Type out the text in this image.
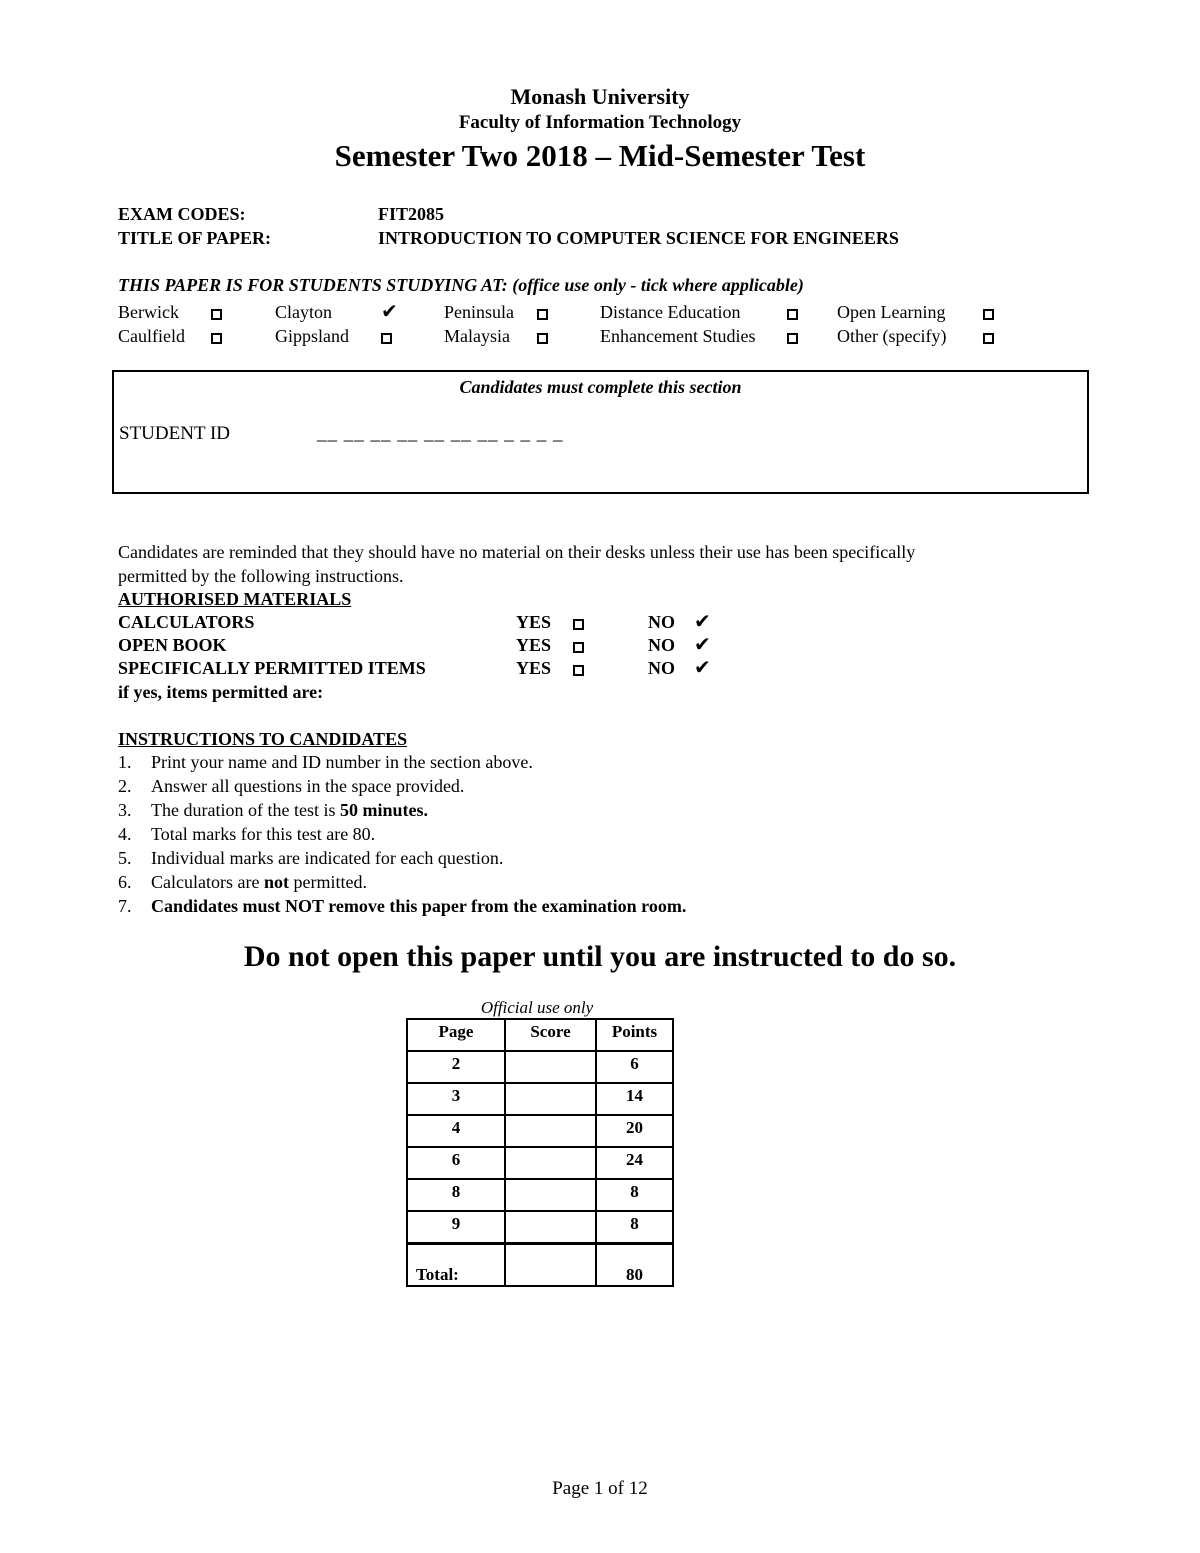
Monash University
Faculty of Information Technology
Semester Two 2018 – Mid-Semester Test
EXAM CODES:	FIT2085
TITLE OF PAPER:	INTRODUCTION TO COMPUTER SCIENCE FOR ENGINEERS
THIS PAPER IS FOR STUDENTS STUDYING AT: (office use only - tick where applicable)
Berwick	Clayton ✔	Peninsula	Distance Education	Open Learning
Caulfield	Gippsland	Malaysia	Enhancement Studies	Other (specify)
Candidates must complete this section
STUDENT ID	__ __ __ __ __ __ __ _ _ _ _
Candidates are reminded that they should have no material on their desks unless their use has been specifically
permitted by the following instructions.
AUTHORISED MATERIALS
CALCULATORS	YES	NO ✔
OPEN BOOK	YES	NO ✔
SPECIFICALLY PERMITTED ITEMS	YES	NO ✔
if yes, items permitted are:
INSTRUCTIONS TO CANDIDATES
1. Print your name and ID number in the section above.
2. Answer all questions in the space provided.
3. The duration of the test is 50 minutes.
4. Total marks for this test are 80.
5. Individual marks are indicated for each question.
6. Calculators are not permitted.
7. Candidates must NOT remove this paper from the examination room.
Do not open this paper until you are instructed to do so.
Official use only
Page	Score	Points
2		6
3		14
4		20
6		24
8		8
9		8
Total:		80
Page 1 of 12
